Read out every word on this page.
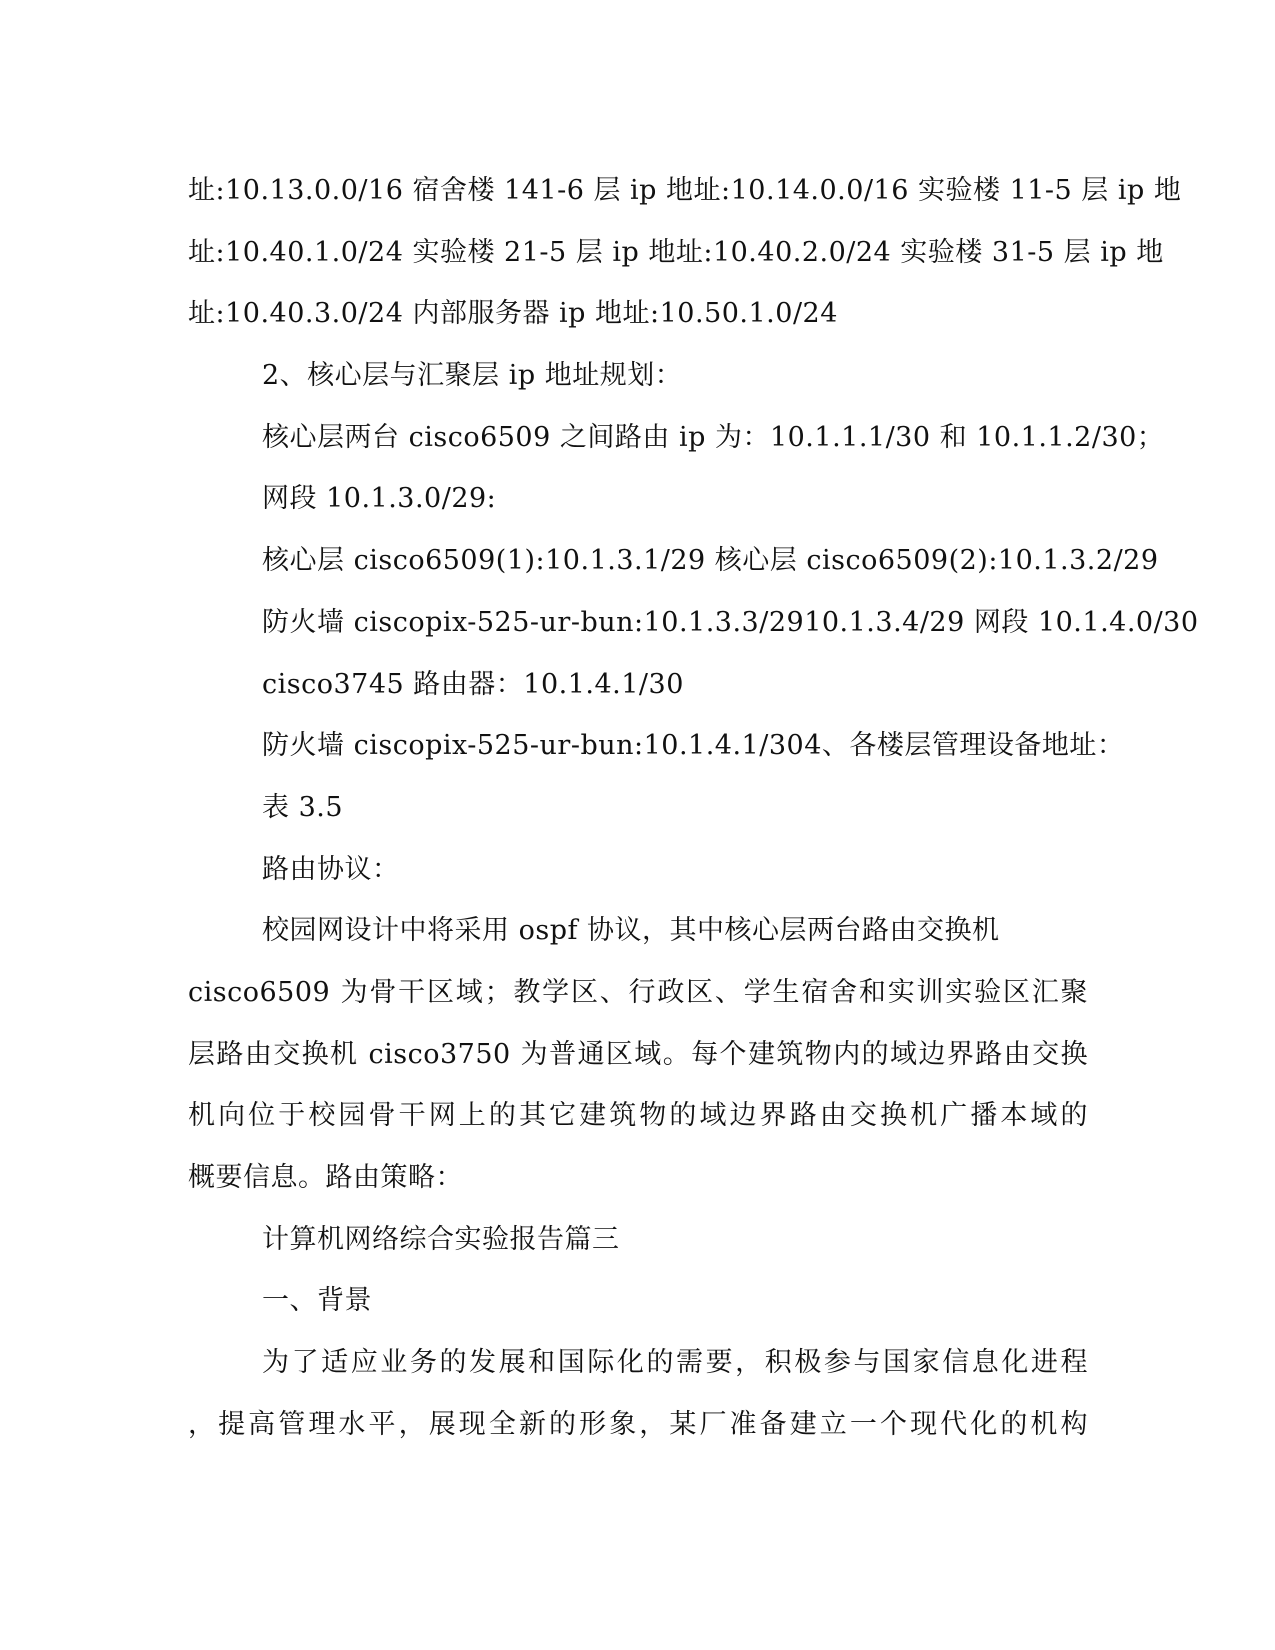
址:10.13.0.0/16 宿舍楼 141-6 层 ip 地址:10.14.0.0/16 实验楼 11-5 层 ip 地
址:10.40.1.0/24 实验楼 21-5 层 ip 地址:10.40.2.0/24 实验楼 31-5 层 ip 地
址:10.40.3.0/24 内部服务器 ip 地址:10.50.1.0/24
2、核心层与汇聚层 ip 地址规划：
核心层两台 cisco6509 之间路由 ip 为：10.1.1.1/30 和 10.1.1.2/30；
网段 10.1.3.0/29:
核心层 cisco6509(1):10.1.3.1/29 核心层 cisco6509(2):10.1.3.2/29
防火墙 ciscopix-525-ur-bun:10.1.3.3/2910.1.3.4/29 网段 10.1.4.0/30
cisco3745 路由器：10.1.4.1/30
防火墙 ciscopix-525-ur-bun:10.1.4.1/304、各楼层管理设备地址：
表 3.5
路由协议：
校园网设计中将采用 ospf 协议，其中核心层两台路由交换机
cisco6509 为骨干区域；教学区、行政区、学生宿舍和实训实验区汇聚
层路由交换机 cisco3750 为普通区域。每个建筑物内的域边界路由交换
机向位于校园骨干网上的其它建筑物的域边界路由交换机广播本域的
概要信息。路由策略：
计算机网络综合实验报告篇三
一、背景
为了适应业务的发展和国际化的需要，积极参与国家信息化进程
，提高管理水平，展现全新的形象，某厂准备建立一个现代化的机构
